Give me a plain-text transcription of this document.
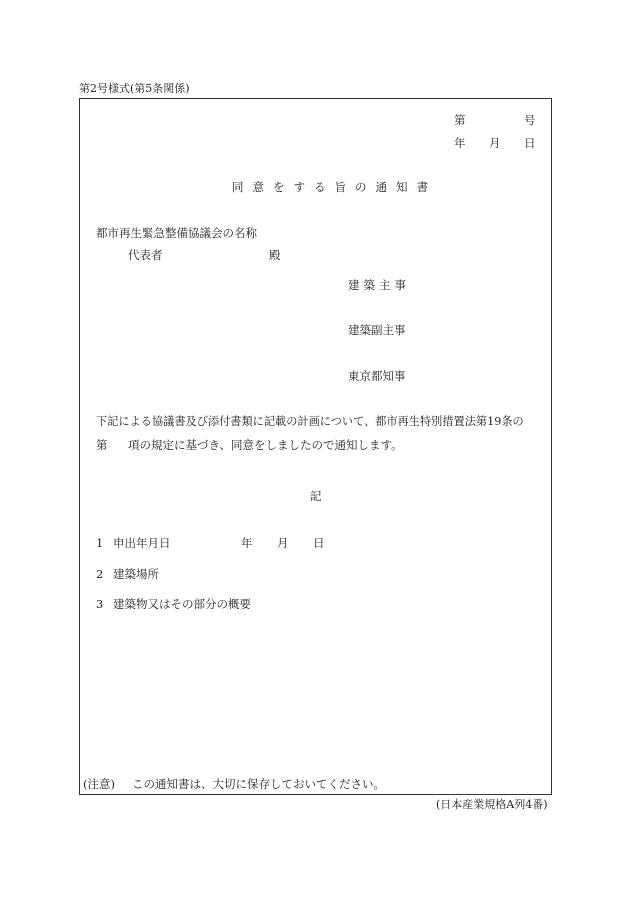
第2号様式(第5条関係)
第	号
年 月 日
同意をする旨の通知書
都市再生緊急整備協議会の名称
代表者	殿
建築主事
建築副主事
東京都知事
下記による協議書及び添付書類に記載の計画について、都市再生特別措置法第19条の
第 項の規定に基づき、同意をしましたので通知します。
記
1 申出年月日	年 月 日
2 建築場所
3 建築物又はその部分の概要
(注意) この通知書は、大切に保存しておいてください。
(日本産業規格A列4番)
